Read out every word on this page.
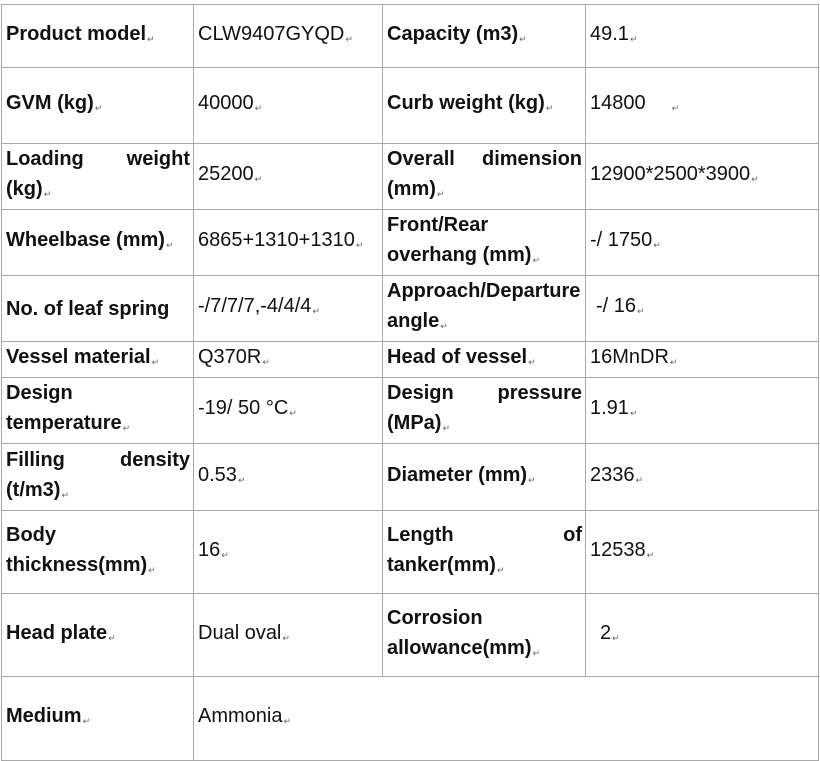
Product model↵	CLW9407GYQD↵	Capacity (m3)↵	49.1↵
GVM (kg)↵	40000↵	Curb weight (kg)↵	14800 ↵
Loading weight (kg)↵	25200↵	Overall dimension (mm)↵	12900*2500*3900↵
Wheelbase (mm)↵	6865+1310+1310↵	Front/Rear overhang (mm)↵	-/ 1750↵
No. of leaf spring	-/7/7/7,-4/4/4↵	Approach/Departure angle↵	-/ 16↵
Vessel material↵	Q370R↵	Head of vessel↵	16MnDR↵
Design temperature↵	-19/ 50 °C↵	Design pressure (MPa)↵	1.91↵
Filling density (t/m3)↵	0.53↵	Diameter (mm)↵	2336↵
Body thickness(mm)↵	16↵	Length of tanker(mm)↵	12538↵
Head plate↵	Dual oval↵	Corrosion allowance(mm)↵	2↵
Medium↵	Ammonia↵		
